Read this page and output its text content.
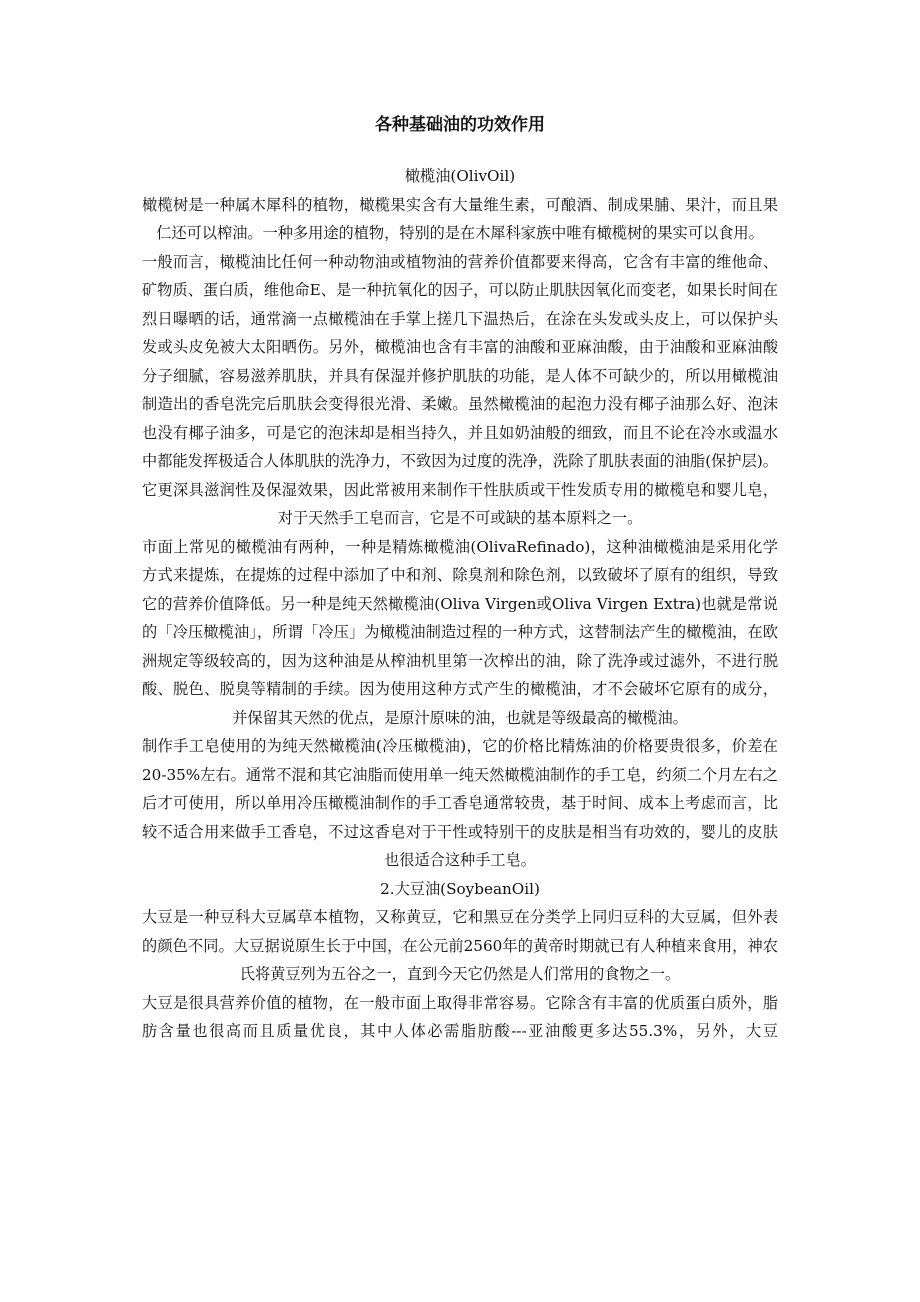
各种基础油的功效作用

橄榄油(OlivOil)

橄榄树是一种属木犀科的植物，橄榄果实含有大量维生素，可酿酒、制成果脯、果汁，而且果仁还可以榨油。一种多用途的植物，特别的是在木犀科家族中唯有橄榄树的果实可以食用。

一般而言，橄榄油比任何一种动物油或植物油的营养价值都要来得高，它含有丰富的维他命、矿物质、蛋白质，维他命E、是一种抗氧化的因子，可以防止肌肤因氧化而变老，如果长时间在烈日曝晒的话，通常滴一点橄榄油在手掌上搓几下温热后，在涂在头发或头皮上，可以保护头发或头皮免被大太阳晒伤。另外，橄榄油也含有丰富的油酸和亚麻油酸，由于油酸和亚麻油酸分子细腻，容易滋养肌肤，并具有保湿并修护肌肤的功能，是人体不可缺少的，所以用橄榄油制造出的香皂洗完后肌肤会变得很光滑、柔嫩。虽然橄榄油的起泡力没有椰子油那么好、泡沫也没有椰子油多，可是它的泡沫却是相当持久，并且如奶油般的细致，而且不论在冷水或温水中都能发挥极适合人体肌肤的洗净力，不致因为过度的洗净，洗除了肌肤表面的油脂(保护层)。它更深具滋润性及保湿效果，因此常被用来制作干性肤质或干性发质专用的橄榄皂和婴儿皂，对于天然手工皂而言，它是不可或缺的基本原料之一。

市面上常见的橄榄油有两种，一种是精炼橄榄油(OlivaRefinado)，这种油橄榄油是采用化学方式来提炼，在提炼的过程中添加了中和剂、除臭剂和除色剂，以致破坏了原有的组织，导致它的营养价值降低。另一种是纯天然橄榄油(Oliva Virgen或Oliva Virgen Extra)也就是常说的「冷压橄榄油」，所谓「冷压」为橄榄油制造过程的一种方式，这替制法产生的橄榄油，在欧洲规定等级较高的，因为这种油是从榨油机里第一次榨出的油，除了洗净或过滤外，不进行脱酸、脱色、脱臭等精制的手续。因为使用这种方式产生的橄榄油，才不会破坏它原有的成分，并保留其天然的优点，是原汁原味的油，也就是等级最高的橄榄油。

制作手工皂使用的为纯天然橄榄油(冷压橄榄油)，它的价格比精炼油的价格要贵很多，价差在20-35%左右。通常不混和其它油脂而使用单一纯天然橄榄油制作的手工皂，约须二个月左右之后才可使用，所以单用冷压橄榄油制作的手工香皂通常较贵，基于时间、成本上考虑而言，比较不适合用来做手工香皂，不过这香皂对于干性或特别干的皮肤是相当有功效的，婴儿的皮肤也很适合这种手工皂。

2.大豆油(SoybeanOil)

大豆是一种豆科大豆属草本植物，又称黄豆，它和黑豆在分类学上同归豆科的大豆属，但外表的颜色不同。大豆据说原生长于中国，在公元前2560年的黄帝时期就已有人种植来食用，神农氏将黄豆列为五谷之一，直到今天它仍然是人们常用的食物之一。

大豆是很具营养价值的植物，在一般市面上取得非常容易。它除含有丰富的优质蛋白质外，脂肪含量也很高而且质量优良，其中人体必需脂肪酸---亚油酸更多达55.3%，另外，大豆
